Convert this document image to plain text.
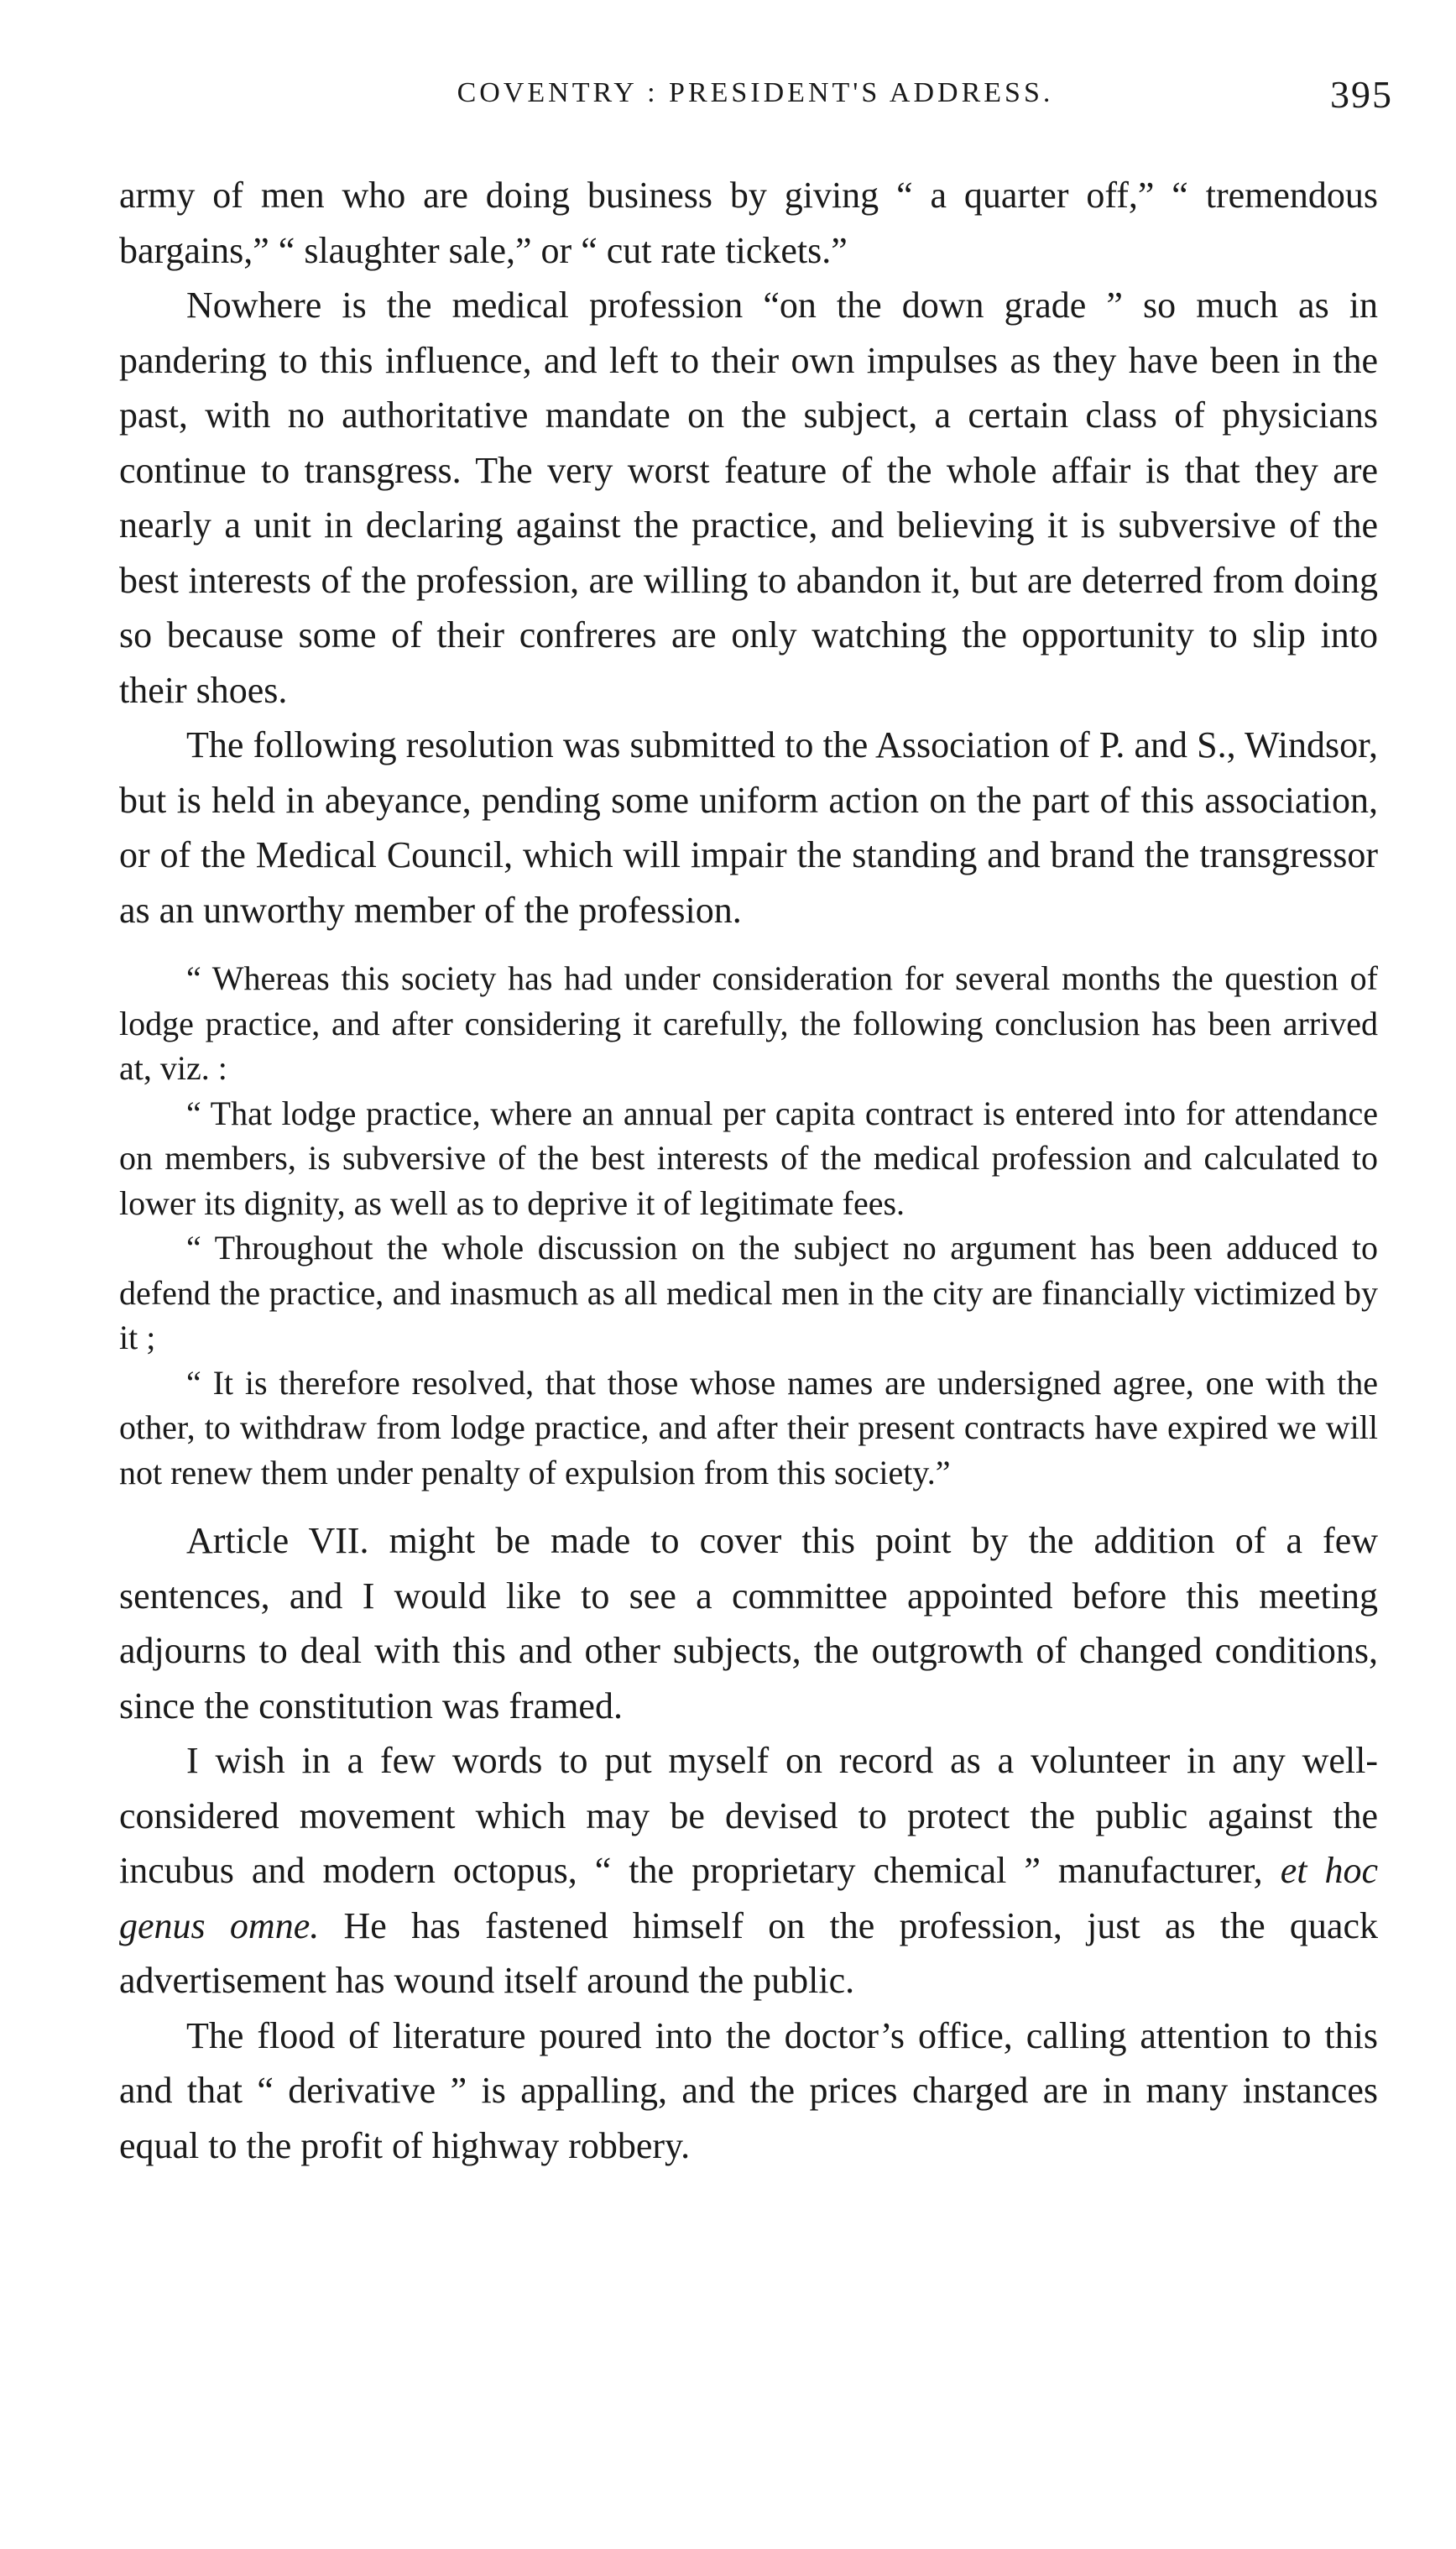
COVENTRY : PRESIDENT'S ADDRESS.	395

army of men who are doing business by giving “ a quarter off,” “ tremendous bargains,” “ slaughter sale,” or “ cut rate tickets.”

Nowhere is the medical profession “on the down grade ” so much as in pandering to this influence, and left to their own impulses as they have been in the past, with no authoritative mandate on the subject, a certain class of physicians continue to transgress. The very worst feature of the whole affair is that they are nearly a unit in declaring against the practice, and believing it is subversive of the best interests of the profession, are willing to abandon it, but are deterred from doing so because some of their confreres are only watching the opportunity to slip into their shoes.

The following resolution was submitted to the Association of P. and S., Windsor, but is held in abeyance, pending some uniform action on the part of this association, or of the Medical Council, which will impair the standing and brand the transgressor as an unworthy member of the profession.

“ Whereas this society has had under consideration for several months the question of lodge practice, and after considering it carefully, the following conclusion has been arrived at, viz. :

“ That lodge practice, where an annual per capita contract is entered into for attendance on members, is subversive of the best interests of the medical profession and calculated to lower its dignity, as well as to deprive it of legitimate fees.

“ Throughout the whole discussion on the subject no argument has been adduced to defend the practice, and inasmuch as all medical men in the city are financially victimized by it ;

“ It is therefore resolved, that those whose names are undersigned agree, one with the other, to withdraw from lodge practice, and after their present contracts have expired we will not renew them under penalty of expulsion from this society.”

Article VII. might be made to cover this point by the addition of a few sentences, and I would like to see a committee appointed before this meeting adjourns to deal with this and other subjects, the outgrowth of changed conditions, since the constitution was framed.

I wish in a few words to put myself on record as a volunteer in any well-considered movement which may be devised to protect the public against the incubus and modern octopus, “ the proprietary chemical ” manufacturer, et hoc genus omne. He has fastened himself on the profession, just as the quack advertisement has wound itself around the public.

The flood of literature poured into the doctor’s office, calling attention to this and that “ derivative ” is appalling, and the prices charged are in many instances equal to the profit of highway robbery.
